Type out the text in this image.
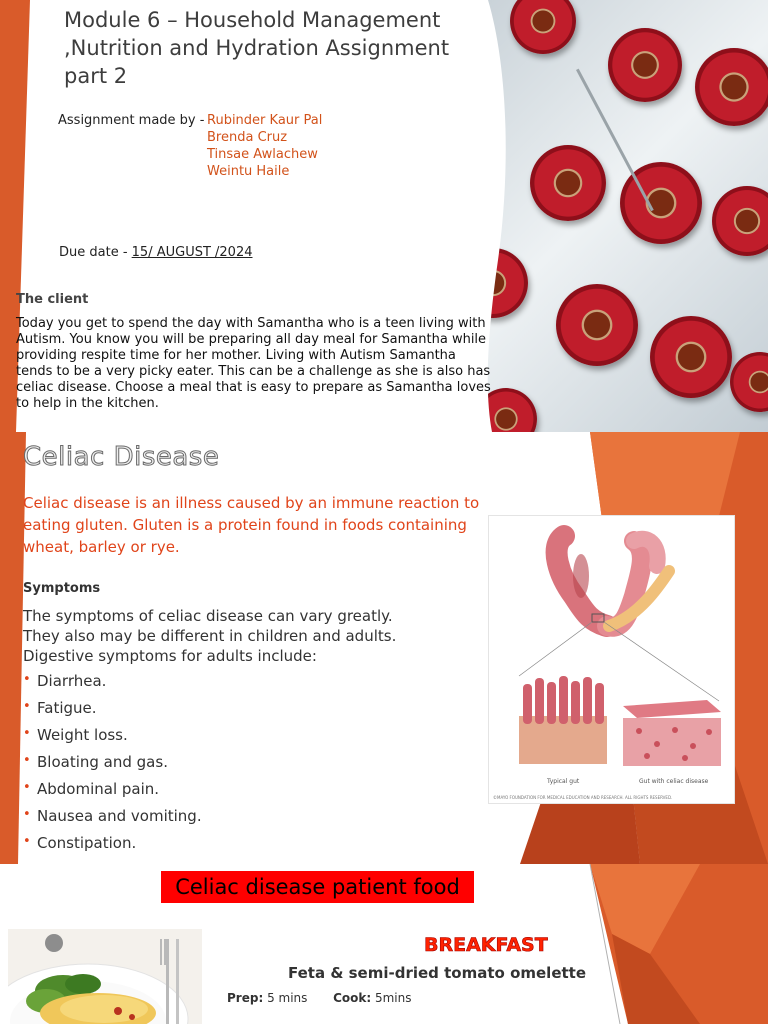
Module 6 – Household Management ,Nutrition and Hydration Assignment part 2
Assignment made by - Rubinder Kaur Pal
Brenda Cruz
Tinsae Awlachew
Weintu Haile
Due date - 15/ AUGUST /2024
The client
Today you get to spend the day with Samantha who is a teen living with Autism. You know you will be preparing all day meal for Samantha while providing respite time for her mother. Living with Autism Samantha tends to be a very picky eater. This can be a challenge as she is also has celiac disease. Choose a meal that is easy to prepare as Samantha loves to help in the kitchen.
Celiac Disease
Celiac disease is an illness caused by an immune reaction to eating gluten. Gluten is a protein found in foods containing wheat, barley or rye.
Symptoms
The symptoms of celiac disease can vary greatly. They also may be different in children and adults. Digestive symptoms for adults include:
• Diarrhea.
• Fatigue.
• Weight loss.
• Bloating and gas.
• Abdominal pain.
• Nausea and vomiting.
• Constipation.
Typical gut	Gut with celiac disease
©MAYO FOUNDATION FOR MEDICAL EDUCATION AND RESEARCH. ALL RIGHTS RESERVED.
Celiac disease patient food
BREAKFAST
Feta & semi-dried tomato omelette
Prep: 5 mins Cook: 5mins
